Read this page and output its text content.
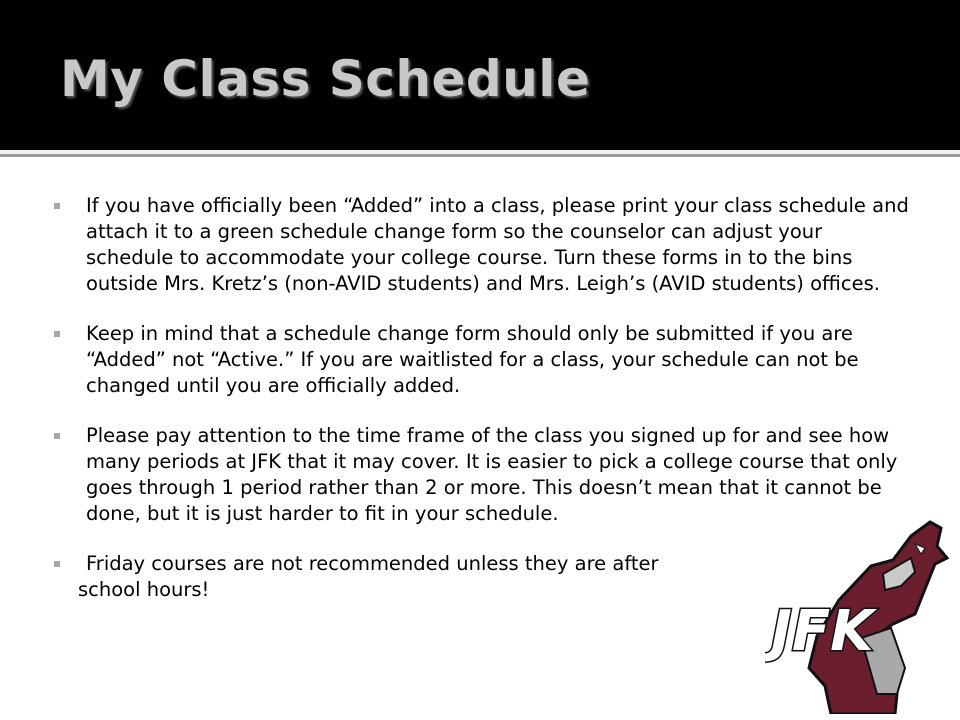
My Class Schedule
If you have officially been “Added” into a class, please print your class schedule and attach it to a green schedule change form so the counselor can adjust your schedule to accommodate your college course. Turn these forms in to the bins outside Mrs. Kretz’s (non-AVID students) and Mrs. Leigh’s (AVID students) offices.
Keep in mind that a schedule change form should only be submitted if you are “Added” not “Active.” If you are waitlisted for a class, your schedule can not be changed until you are officially added.
Please pay attention to the time frame of the class you signed up for and see how many periods at JFK that it may cover. It is easier to pick a college course that only goes through 1 period rather than 2 or more. This doesn’t mean that it cannot be done, but it is just harder to fit in your schedule.
Friday courses are not recommended unless they are after
school hours!
JFK
